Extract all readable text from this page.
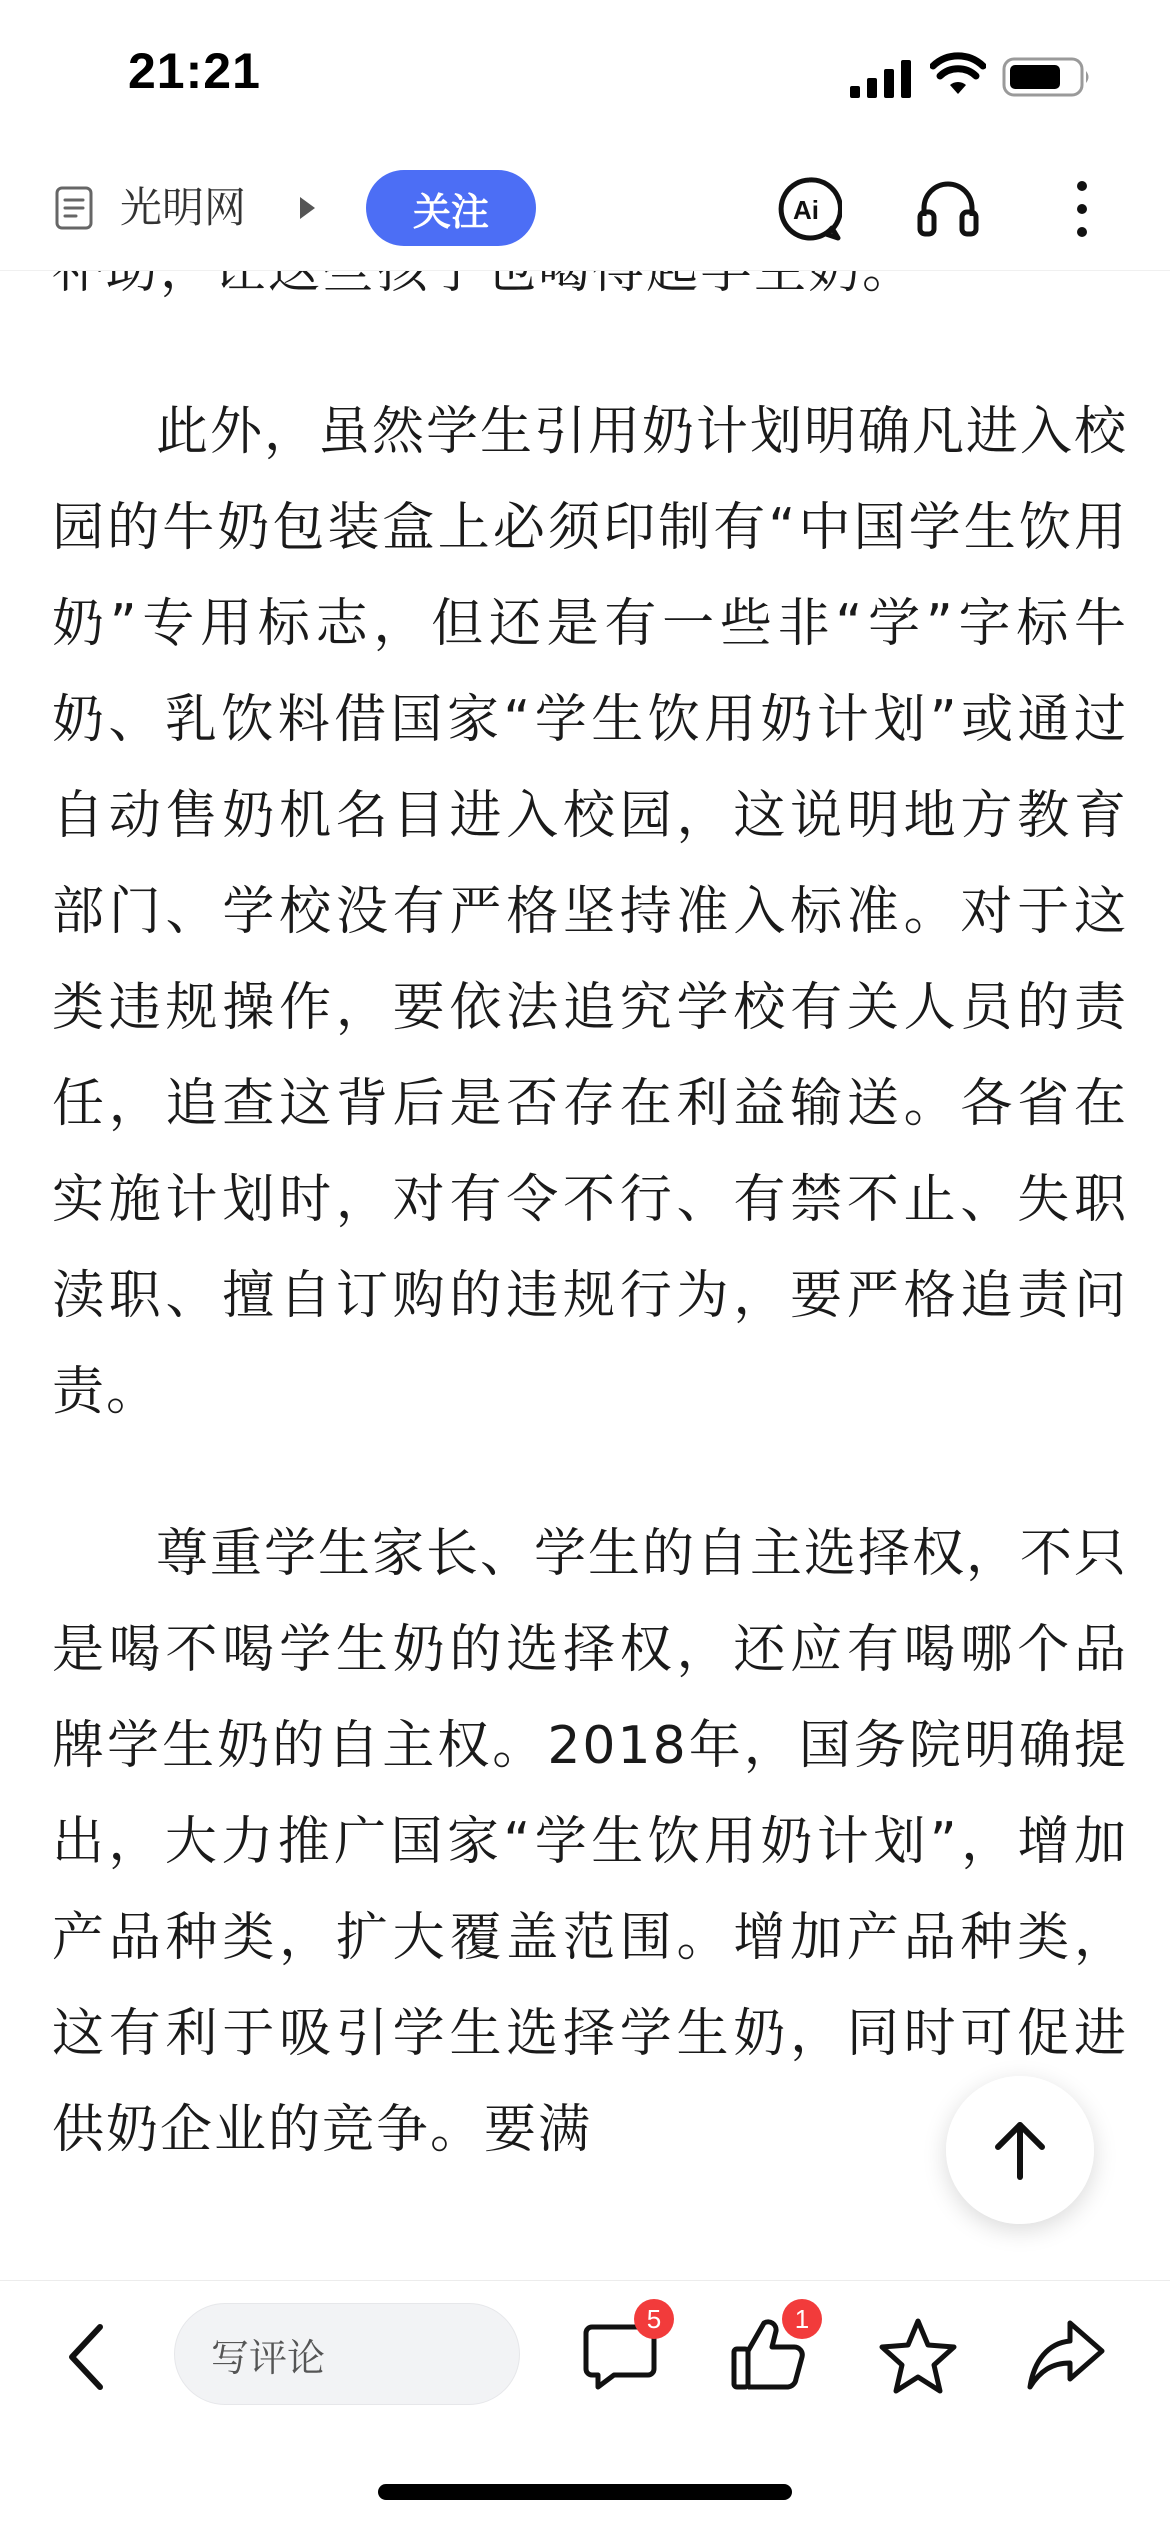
21:21
光明网	关注	Ai

此外，虽然学生引用奶计划明确凡进入校园的牛奶包装盒上必须印制有“中国学生饮用奶”专用标志，但还是有一些非“学”字标牛奶、乳饮料借国家“学生饮用奶计划”或通过自动售奶机名目进入校园，这说明地方教育部门、学校没有严格坚持准入标准。对于这类违规操作，要依法追究学校有关人员的责任，追查这背后是否存在利益输送。各省在实施计划时，对有令不行、有禁不止、失职渎职、擅自订购的违规行为，要严格追责问责。

尊重学生家长、学生的自主选择权，不只是喝不喝学生奶的选择权，还应有喝哪个品牌学生奶的自主权。2018年，国务院明确提出，大力推广国家“学生饮用奶计划”，增加产品种类，扩大覆盖范围。增加产品种类，这有利于吸引学生选择学生奶，同时可促进供奶企业的竞争。要满

写评论
5	1
